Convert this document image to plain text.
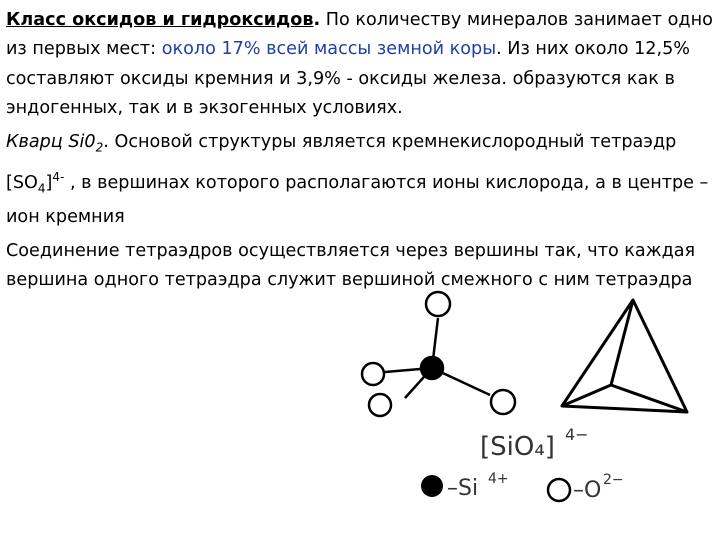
Класс оксидов и гидроксидов. По количеству минералов занимает одно из первых мест: около 17% всей массы земной коры. Из них около 12,5% составляют оксиды кремния и 3,9% - оксиды железа. образуются как в эндогенных, так и в экзогенных условиях.

Кварц $Si0_2$. Основой структуры является кремнекислородный тетраэдр $[SO_4]^{4-}$ , в вершинах которого располагаются ионы кислорода, а в центре – ион кремния

Соединение тетраэдров осуществляется через вершины так, что каждая вершина одного тетраэдра служит вершиной смежного с ним тетраэдра

[SiO₄] 4−
–Si 4+	–O 2−
